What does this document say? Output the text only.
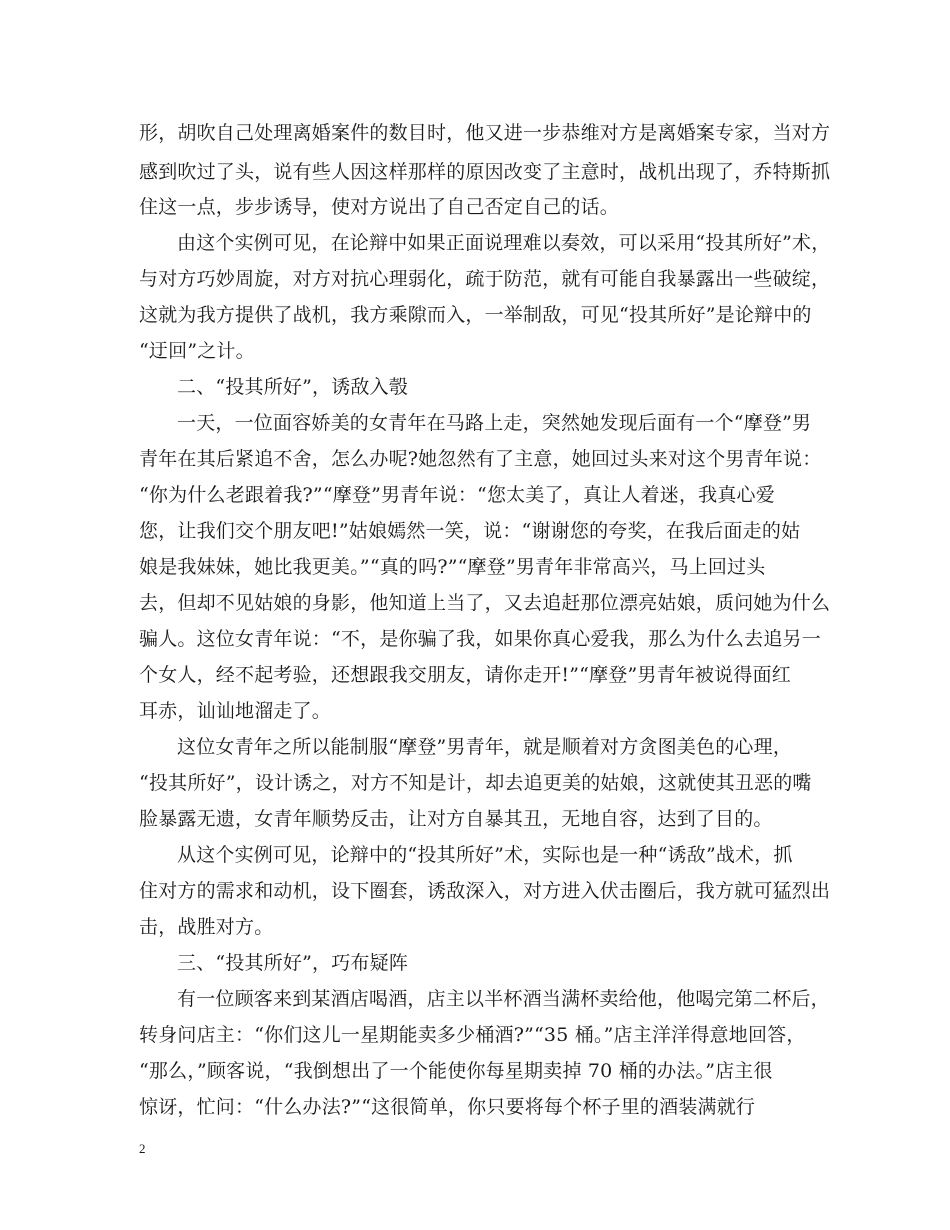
形，胡吹自己处理离婚案件的数目时，他又进一步恭维对方是离婚案专家，当对方
感到吹过了头，说有些人因这样那样的原因改变了主意时，战机出现了，乔特斯抓
住这一点，步步诱导，使对方说出了自己否定自己的话。
由这个实例可见，在论辩中如果正面说理难以奏效，可以采用“投其所好”术，
与对方巧妙周旋，对方对抗心理弱化，疏于防范，就有可能自我暴露出一些破绽，
这就为我方提供了战机，我方乘隙而入，一举制敌，可见“投其所好”是论辩中的
“迂回”之计。
二、“投其所好”，诱敌入彀
一天，一位面容娇美的女青年在马路上走，突然她发现后面有一个“摩登”男
青年在其后紧追不舍，怎么办呢?她忽然有了主意，她回过头来对这个男青年说：
“你为什么老跟着我?”“摩登”男青年说：“您太美了，真让人着迷，我真心爱
您，让我们交个朋友吧!”姑娘嫣然一笑，说：“谢谢您的夸奖，在我后面走的姑
娘是我妹妹，她比我更美。”“真的吗?”“摩登”男青年非常高兴，马上回过头
去，但却不见姑娘的身影，他知道上当了，又去追赶那位漂亮姑娘，质问她为什么
骗人。这位女青年说：“不，是你骗了我，如果你真心爱我，那么为什么去追另一
个女人，经不起考验，还想跟我交朋友，请你走开!”“摩登”男青年被说得面红
耳赤，讪讪地溜走了。
这位女青年之所以能制服“摩登”男青年，就是顺着对方贪图美色的心理，
“投其所好”，设计诱之，对方不知是计，却去追更美的姑娘，这就使其丑恶的嘴
脸暴露无遗，女青年顺势反击，让对方自暴其丑，无地自容，达到了目的。
从这个实例可见，论辩中的“投其所好”术，实际也是一种“诱敌”战术，抓
住对方的需求和动机，设下圈套，诱敌深入，对方进入伏击圈后，我方就可猛烈出
击，战胜对方。
三、“投其所好”，巧布疑阵
有一位顾客来到某酒店喝酒，店主以半杯酒当满杯卖给他，他喝完第二杯后，
转身问店主：“你们这儿一星期能卖多少桶酒?”“35 桶。”店主洋洋得意地回答，
“那么，”顾客说，“我倒想出了一个能使你每星期卖掉 70 桶的办法。”店主很
惊讶，忙问：“什么办法?”“这很简单，你只要将每个杯子里的酒装满就行
2
